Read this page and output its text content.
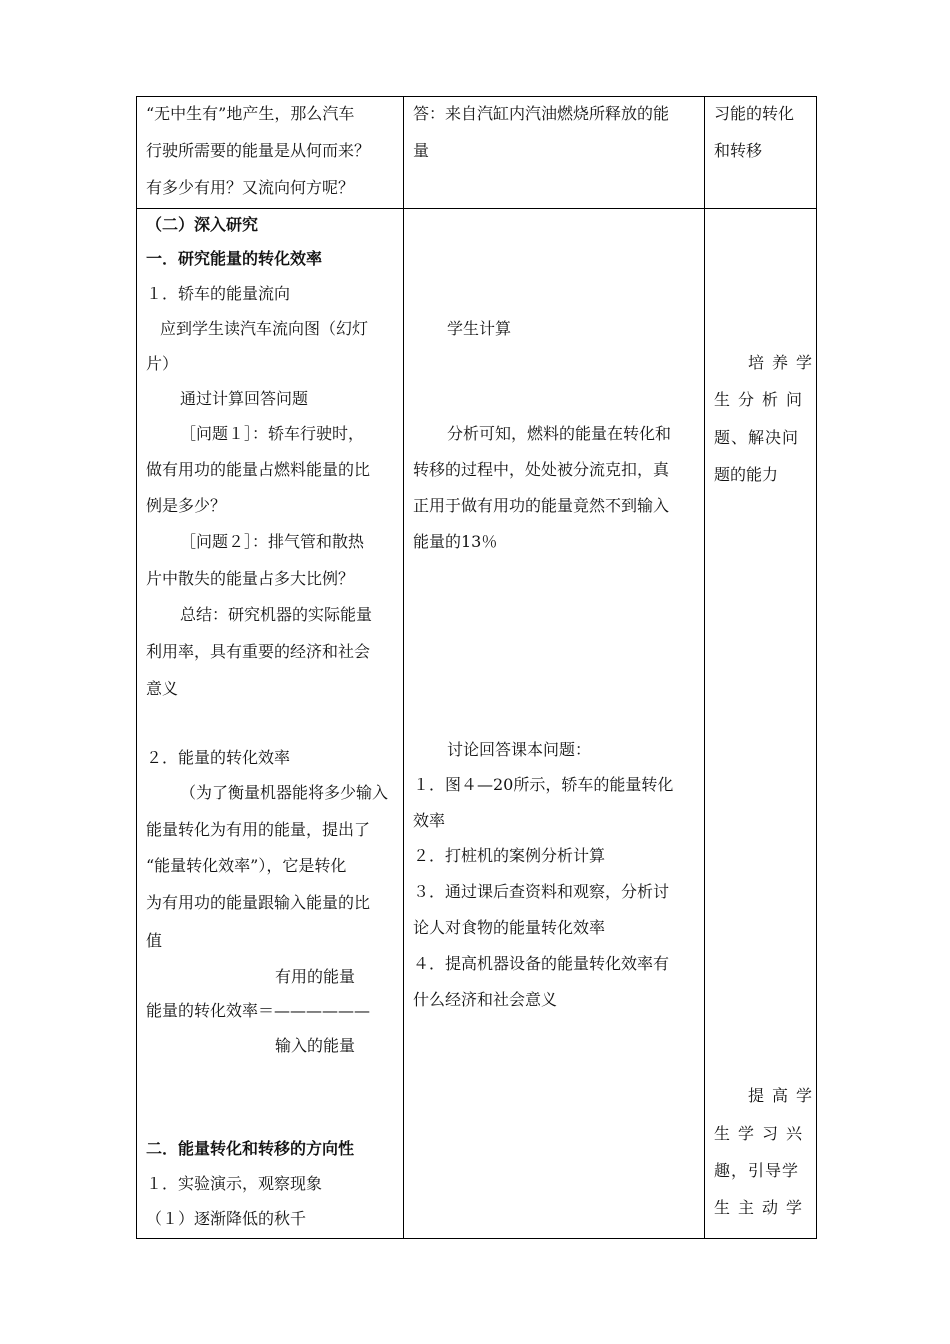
“无中生有”地产生，那么汽车
行驶所需要的能量是从何而来？
有多少有用？又流向何方呢？
答：来自汽缸内汽油燃烧所释放的能
量
习能的转化
和转移
（二）深入研究
一．研究能量的转化效率
１．轿车的能量流向
应到学生读汽车流向图（幻灯
片）
通过计算回答问题
［问题１］：轿车行驶时，
做有用功的能量占燃料能量的比
例是多少？
［问题２］：排气管和散热
片中散失的能量占多大比例？
总结：研究机器的实际能量
利用率，具有重要的经济和社会
意义
２．能量的转化效率
（为了衡量机器能将多少输入
能量转化为有用的能量，提出了
“能量转化效率”），它是转化
为有用功的能量跟输入能量的比
值
有用的能量
能量的转化效率＝——————
输入的能量
二．能量转化和转移的方向性
１．实验演示，观察现象
（１）逐渐降低的秋千
学生计算
分析可知，燃料的能量在转化和
转移的过程中，处处被分流克扣，真
正用于做有用功的能量竟然不到输入
能量的13％
讨论回答课本问题：
１．图４—20所示，轿车的能量转化
效率
２．打桩机的案例分析计算
３．通过课后查资料和观察，分析讨
论人对食物的能量转化效率
４．提高机器设备的能量转化效率有
什么经济和社会意义
培养学
生分析问
题、解决问
题的能力
提高学
生学习兴
趣，引导学
生主动学
